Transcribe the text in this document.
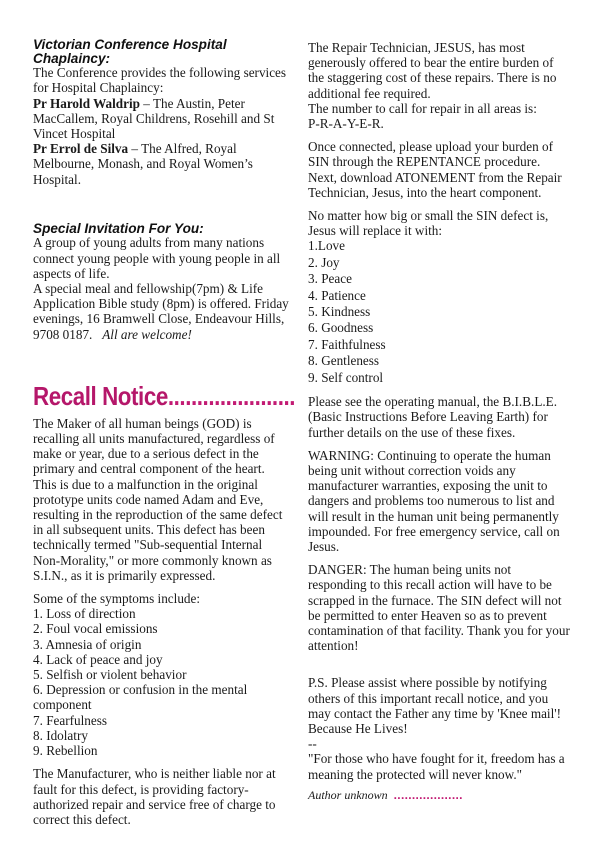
Victorian Conference Hospital Chaplaincy:

The Conference provides the following services for Hospital Chaplaincy:

Pr Harold Waldrip – The Austin, Peter MacCallem, Royal Childrens, Rosehill and St Vincet Hospital

Pr Errol de Silva – The Alfred, Royal Melbourne, Monash, and Royal Women’s Hospital.

Special Invitation For You:

A group of young adults from many nations connect young people with young people in all aspects of life.

A special meal and fellowship(7pm) & Life Application Bible study (8pm) is offered. Friday evenings, 16 Bramwell Close, Endeavour Hills, 9708 0187. All are welcome!

Recall Notice......................

The Maker of all human beings (GOD) is recalling all units manufactured, regardless of make or year, due to a serious defect in the primary and central component of the heart. This is due to a malfunction in the original prototype units code named Adam and Eve, resulting in the reproduction of the same defect in all subsequent units. This defect has been technically termed "Sub-sequential Internal Non-Morality," or more commonly known as S.I.N., as it is primarily expressed.

Some of the symptoms include:

1. Loss of direction
2. Foul vocal emissions
3. Amnesia of origin
4. Lack of peace and joy
5. Selfish or violent behavior
6. Depression or confusion in the mental component
7. Fearfulness
8. Idolatry
9. Rebellion

The Manufacturer, who is neither liable nor at fault for this defect, is providing factory-authorized repair and service free of charge to correct this defect.

The Repair Technician, JESUS, has most generously offered to bear the entire burden of the staggering cost of these repairs. There is no additional fee required.

The number to call for repair in all areas is:

P-R-A-Y-E-R.

Once connected, please upload your burden of SIN through the REPENTANCE procedure. Next, download ATONEMENT from the Repair Technician, Jesus, into the heart component.

No matter how big or small the SIN defect is, Jesus will replace it with:

1.Love
2. Joy
3. Peace
4. Patience
5. Kindness
6. Goodness
7. Faithfulness
8. Gentleness
9. Self control

Please see the operating manual, the B.I.B.L.E. (Basic Instructions Before Leaving Earth) for further details on the use of these fixes.

WARNING: Continuing to operate the human being unit without correction voids any manufacturer warranties, exposing the unit to dangers and problems too numerous to list and will result in the human unit being permanently impounded. For free emergency service, call on Jesus.

DANGER: The human being units not responding to this recall action will have to be scrapped in the furnace. The SIN defect will not be permitted to enter Heaven so as to prevent contamination of that facility. Thank you for your attention!

P.S. Please assist where possible by notifying others of this important recall notice, and you may contact the Father any time by 'Knee mail'!

Because He Lives!

--

"For those who have fought for it, freedom has a meaning the protected will never know."

Author unknown ...................
